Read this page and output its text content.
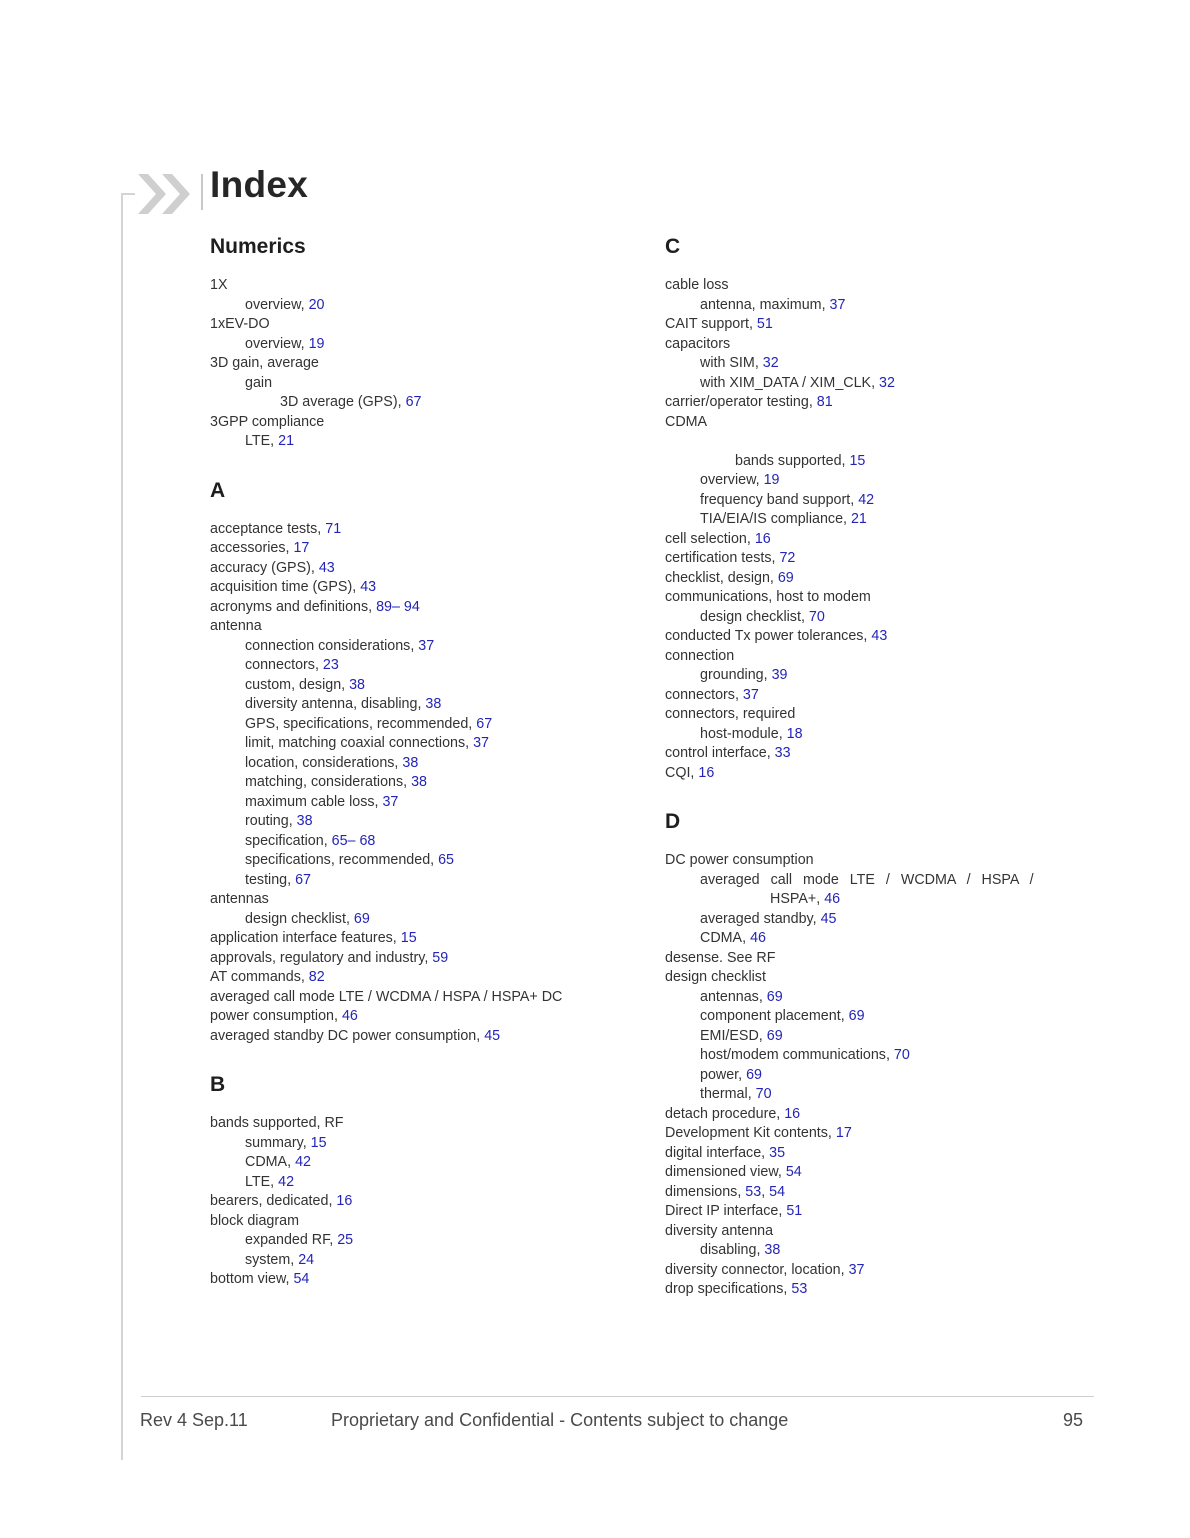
Index
Numerics
1X
overview, 20
1xEV-DO
overview, 19
3D gain, average
gain
3D average (GPS), 67
3GPP compliance
LTE, 21
A
acceptance tests, 71
accessories, 17
accuracy (GPS), 43
acquisition time (GPS), 43
acronyms and definitions, 89– 94
antenna
connection considerations, 37
connectors, 23
custom, design, 38
diversity antenna, disabling, 38
GPS, specifications, recommended, 67
limit, matching coaxial connections, 37
location, considerations, 38
matching, considerations, 38
maximum cable loss, 37
routing, 38
specification, 65– 68
specifications, recommended, 65
testing, 67
antennas
design checklist, 69
application interface features, 15
approvals, regulatory and industry, 59
AT commands, 82
averaged call mode LTE / WCDMA / HSPA / HSPA+ DC
power consumption, 46
averaged standby DC power consumption, 45
B
bands supported, RF
summary, 15
CDMA, 42
LTE, 42
bearers, dedicated, 16
block diagram
expanded RF, 25
system, 24
bottom view, 54
C
cable loss
antenna, maximum, 37
CAIT support, 51
capacitors
with SIM, 32
with XIM_DATA / XIM_CLK, 32
carrier/operator testing, 81
CDMA
bands supported, 15
overview, 19
frequency band support, 42
TIA/EIA/IS compliance, 21
cell selection, 16
certification tests, 72
checklist, design, 69
communications, host to modem
design checklist, 70
conducted Tx power tolerances, 43
connection
grounding, 39
connectors, 37
connectors, required
host-module, 18
control interface, 33
CQI, 16
D
DC power consumption
averaged call mode LTE / WCDMA / HSPA /
HSPA+, 46
averaged standby, 45
CDMA, 46
desense. See RF
design checklist
antennas, 69
component placement, 69
EMI/ESD, 69
host/modem communications, 70
power, 69
thermal, 70
detach procedure, 16
Development Kit contents, 17
digital interface, 35
dimensioned view, 54
dimensions, 53, 54
Direct IP interface, 51
diversity antenna
disabling, 38
diversity connector, location, 37
drop specifications, 53
Rev 4 Sep.11	Proprietary and Confidential - Contents subject to change	95
